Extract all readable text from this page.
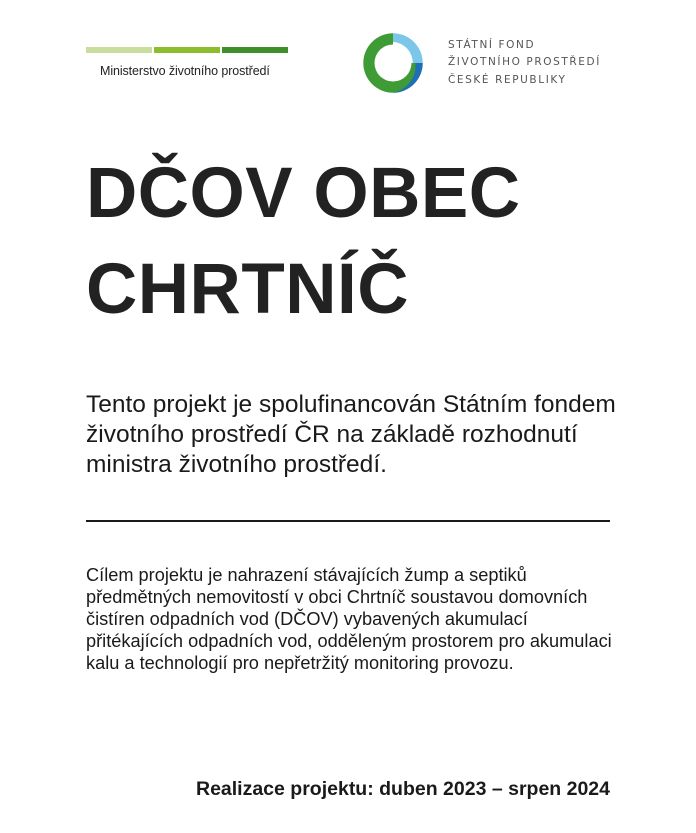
Ministerstvo životního prostředí
STÁTNÍ FOND
ŽIVOTNÍHO PROSTŘEDÍ
ČESKÉ REPUBLIKY
DČOV OBEC
CHRTNÍČ

Tento projekt je spolufinancován Státním fondem životního prostředí ČR na základě rozhodnutí ministra životního prostředí.

Cílem projektu je nahrazení stávajících žump a septiků předmětných nemovitostí v obci Chrtníč soustavou domovních čistíren odpadních vod (DČOV) vybavených akumulací přitékajících odpadních vod, odděleným prostorem pro akumulaci kalu a technologií pro nepřetržitý monitoring provozu.

Realizace projektu: duben 2023 – srpen 2024
